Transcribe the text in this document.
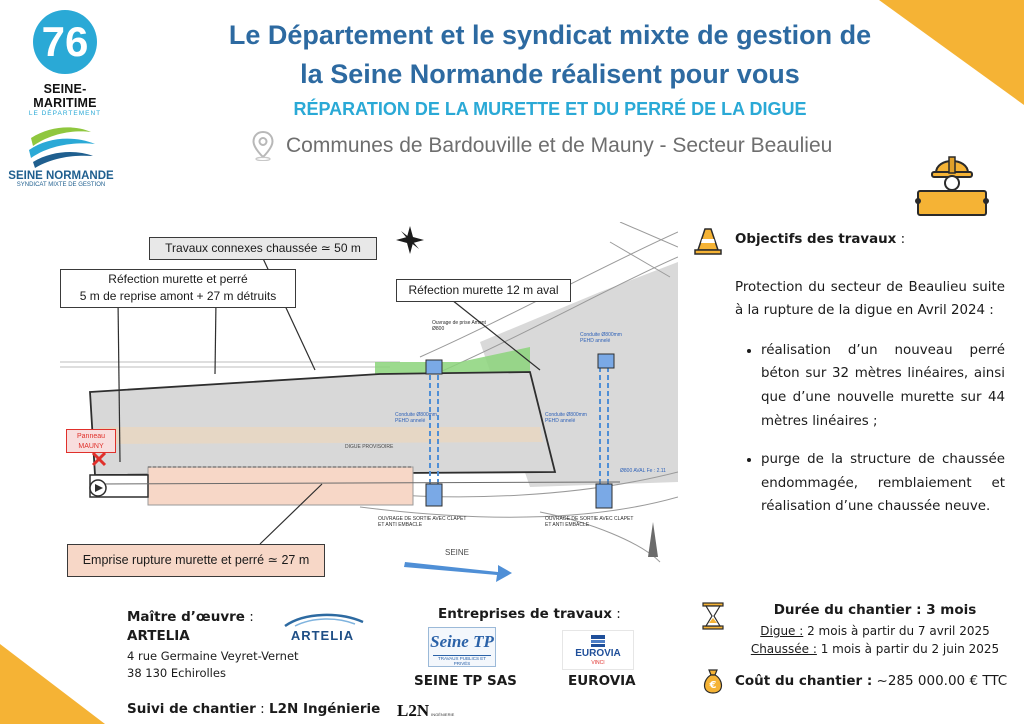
76
SEINE-MARITIME
LE DÉPARTEMENT
SEINE NORMANDE
SYNDICAT MIXTE DE GESTION
Le Département et le syndicat mixte de gestion de
la Seine Normande réalisent pour vous
RÉPARATION DE LA MURETTE ET DU PERRÉ DE LA DIGUE
Communes de Bardouville et de Mauny - Secteur Beaulieu
Ouvrage de prise Amont Ø800
DIGUE PROVISOIRE
Conduite Ø800mm PEHD annelé
Conduite Ø800mm PEHD annelé
Conduite Ø800mm PEHD annelé
Ø800 AVAL Fe : 2.11
OUVRAGE DE SORTIE AVEC CLAPET ET ANTI EMBACLE
OUVRAGE DE SORTIE AVEC CLAPET ET ANTI EMBACLE
SEINE
Panneau
MAUNY
Travaux connexes chaussée ≃ 50 m
Réfection murette et perré
5 m de reprise amont + 27 m détruits	Réfection murette 12 m aval
Emprise rupture murette et perré ≃ 27 m
Objectifs des travaux :

Protection du secteur de Beaulieu suite à la rupture de la digue en Avril 2024 :

• réalisation d’un nouveau perré béton sur 32 mètres linéaires, ainsi que d’une nouvelle murette sur 44 mètres linéaires ;
• purge de la structure de chaussée endommagée, remblaiement et réalisation d’une chaussée neuve.
Durée du chantier : 3 mois
Digue : 2 mois à partir du 7 avril 2025
Chaussée : 1 mois à partir du 2 juin 2025
€ Coût du chantier : ~285 000.00 € TTC
Maître d’œuvre :
ARTELIA
4 rue Germaine Veyret-Vernet
38 130 Echirolles
ARTELIA
Suivi de chantier : L2N Ingénierie L2N INGÉNIERIE
Entreprises de travaux :
Seine TP
TRAVAUX PUBLICS ET PRIVÉS
SEINE TP SAS
EUROVIA
VINCI
EUROVIA
